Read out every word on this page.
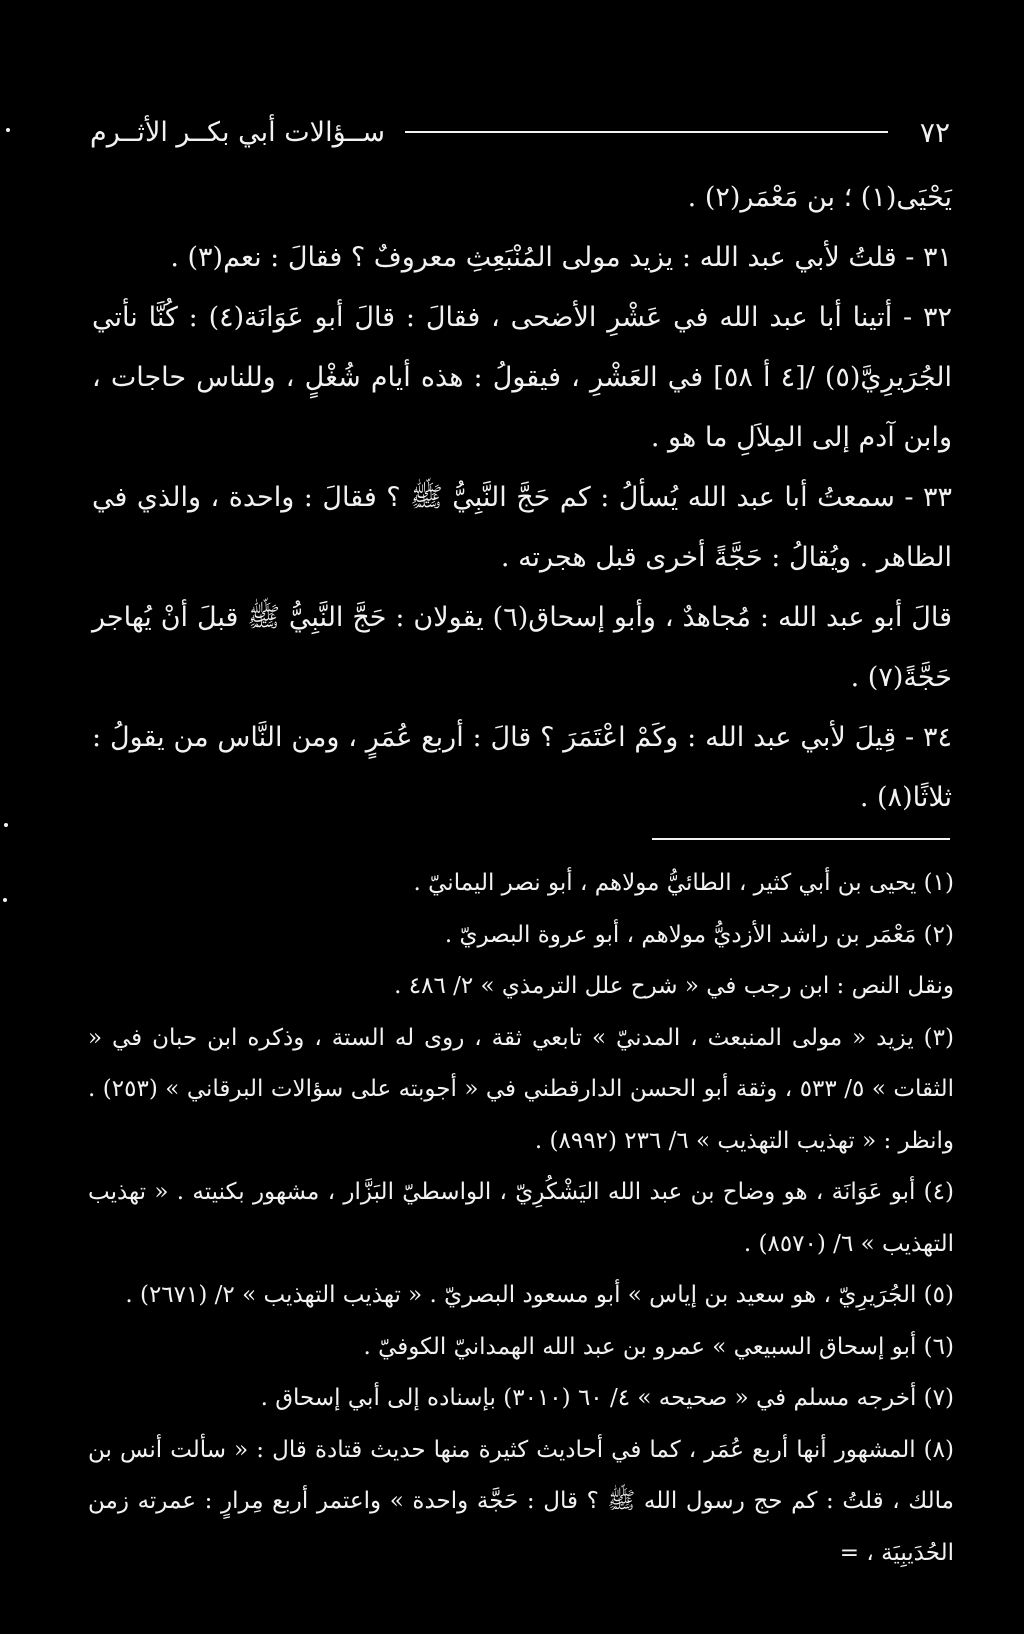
٧٢
ســؤالات أبي بكــر الأثــرم

يَحْيَى(١) ؛ بن مَعْمَر(٢) .

٣١ - قلتُ لأبي عبد الله : يزيد مولى المُنْبَعِثِ معروفٌ ؟ فقالَ : نعم(٣) .

٣٢ - أتينا أبا عبد الله في عَشْرِ الأضحى ، فقالَ : قالَ أبو عَوَانَة(٤) : كُنَّا نأتي الجُرَيرِيَّ(٥) /[٤ أ ٥٨] في العَشْرِ ، فيقولُ : هذه أيام شُغْلٍ ، وللناس حاجات ، وابن آدم إلى المِلاَلِ ما هو .

٣٣ - سمعتُ أبا عبد الله يُسألُ : كم حَجَّ النَّبِيُّ ﷺ ؟ فقالَ : واحدة ، والذي في الظاهر . ويُقالُ : حَجَّةً أخرى قبل هجرته .

قالَ أبو عبد الله : مُجاهدٌ ، وأبو إسحاق(٦) يقولان : حَجَّ النَّبِيُّ ﷺ قبلَ أنْ يُهاجر حَجَّةً(٧) .

٣٤ - قِيلَ لأبي عبد الله : وكَمْ اعْتَمَرَ ؟ قالَ : أربع عُمَرٍ ، ومن النَّاس من يقولُ : ثلاثًا(٨) .

(١) يحيى بن أبي كثير ، الطائيُّ مولاهم ، أبو نصر اليمانيّ .

(٢) مَعْمَر بن راشد الأزديُّ مولاهم ، أبو عروة البصريّ .

ونقل النص : ابن رجب في « شرح علل الترمذي » ٢/ ٤٨٦ .

(٣) يزيد « مولى المنبعث ، المدنيّ » تابعي ثقة ، روى له الستة ، وذكره ابن حبان في « الثقات » ٥/ ٥٣٣ ، وثقة أبو الحسن الدارقطني في « أجوبته على سؤالات البرقاني » (٢٥٣) . وانظر : « تهذيب التهذيب » ٦/ ٢٣٦ (٨٩٩٢) .

(٤) أبو عَوَانَة ، هو وضاح بن عبد الله اليَشْكُرِيّ ، الواسطيّ البَزَّار ، مشهور بكنيته . « تهذيب التهذيب » ٦/ (٨٥٧٠) .

(٥) الجُرَيرِيّ ، هو سعيد بن إياس » أبو مسعود البصريّ . « تهذيب التهذيب » ٢/ (٢٦٧١) .

(٦) أبو إسحاق السبيعي » عمرو بن عبد الله الهمدانيّ الكوفيّ .

(٧) أخرجه مسلم في « صحيحه » ٤/ ٦٠ (٣٠١٠) بإسناده إلى أبي إسحاق .

(٨) المشهور أنها أربع عُمَر ، كما في أحاديث كثيرة منها حديث قتادة قال : « سألت أنس بن مالك ، قلتُ : كم حج رسول الله ﷺ ؟ قال : حَجَّة واحدة » واعتمر أربع مِرارٍ : عمرته زمن الحُدَيبِيَة ، =
